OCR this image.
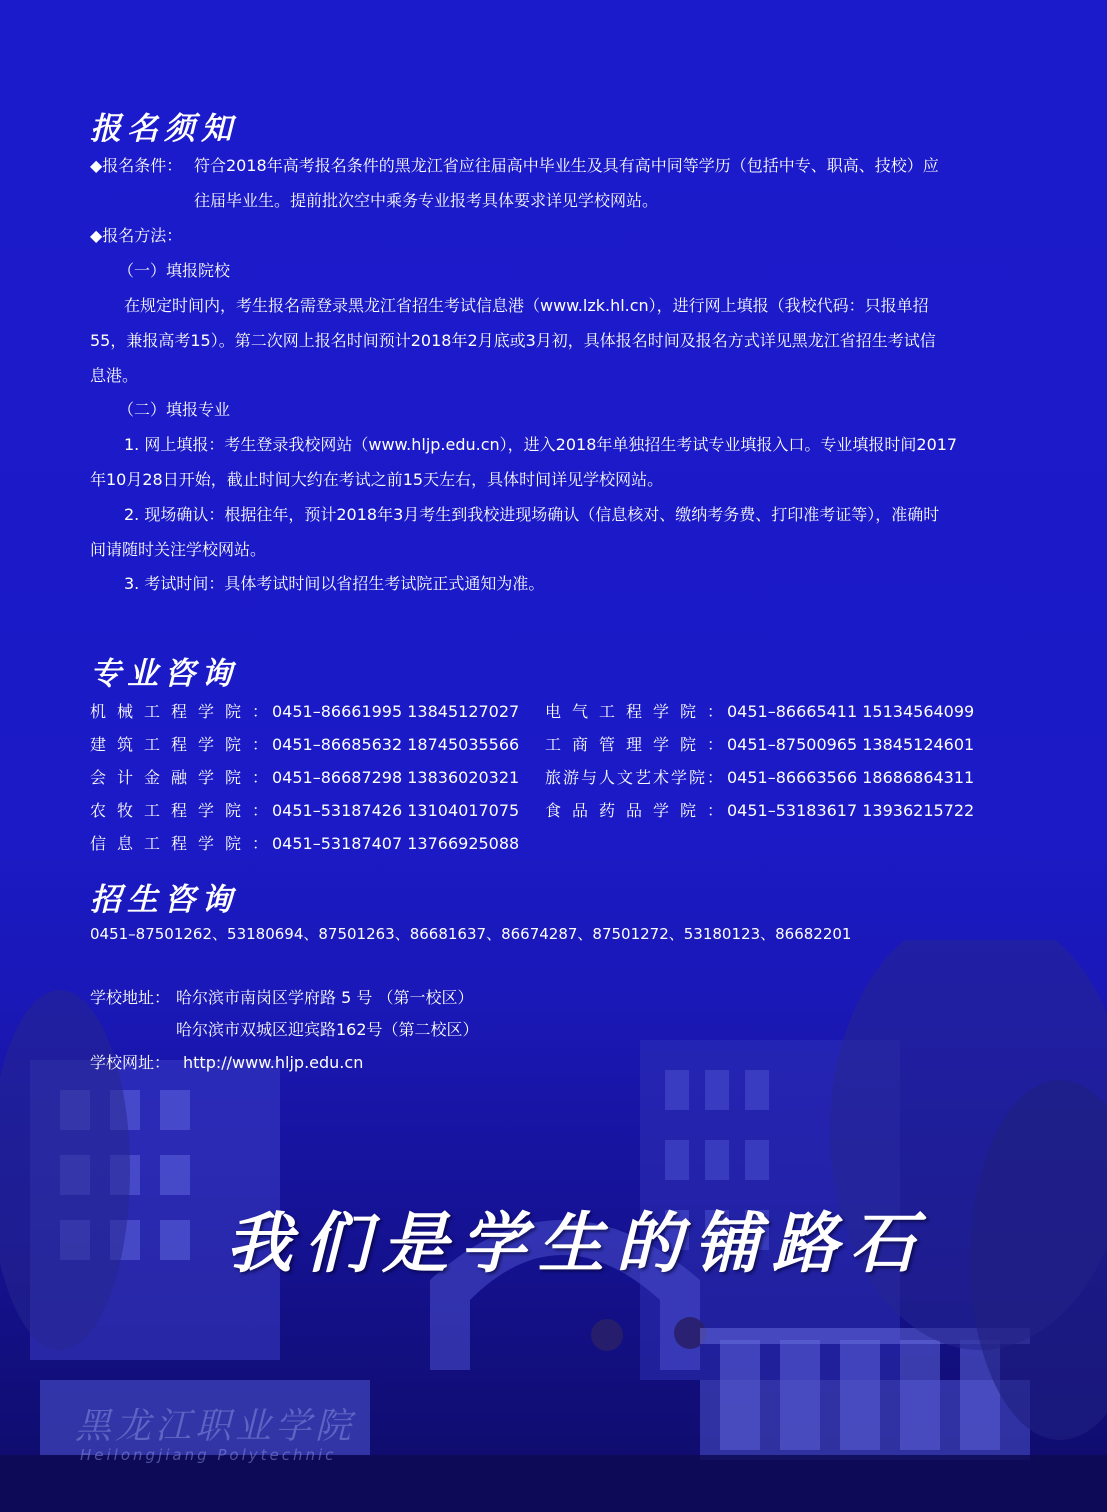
报名须知
◆报名条件： 符合2018年高考报名条件的黑龙江省应往届高中毕业生及具有高中同等学历（包括中专、职高、技校）应
往届毕业生。提前批次空中乘务专业报考具体要求详见学校网站。
◆报名方法：
（一）填报院校
在规定时间内，考生报名需登录黑龙江省招生考试信息港（www.lzk.hl.cn），进行网上填报（我校代码：只报单招
55，兼报高考15）。第二次网上报名时间预计2018年2月底或3月初，具体报名时间及报名方式详见黑龙江省招生考试信
息港。
（二）填报专业
1. 网上填报：考生登录我校网站（www.hljp.edu.cn），进入2018年单独招生考试专业填报入口。专业填报时间2017
年10月28日开始，截止时间大约在考试之前15天左右，具体时间详见学校网站。
2. 现场确认：根据往年，预计2018年3月考生到我校进现场确认（信息核对、缴纳考务费、打印准考证等），准确时
间请随时关注学校网站。
3. 考试时间：具体考试时间以省招生考试院正式通知为准。
专业咨询
机械工程学院： 0451–86661995 13845127027
建筑工程学院： 0451–86685632 18745035566
会计金融学院： 0451–86687298 13836020321
农牧工程学院： 0451–53187426 13104017075
信息工程学院： 0451–53187407 13766925088
电气工程学院： 0451–86665411 15134564099
工商管理学院： 0451–87500965 13845124601
旅游与人文艺术学院： 0451–86663566 18686864311
食品药品学院： 0451–53183617 13936215722
招生咨询
0451–87501262、53180694、87501263、86681637、86674287、87501272、53180123、86682201
学校地址： 哈尔滨市南岗区学府路 5 号 （第一校区）
哈尔滨市双城区迎宾路162号（第二校区）
学校网址： http://www.hljp.edu.cn
我们是学生的铺路石
黑龙江职业学院
Heilongjiang Polytechnic
